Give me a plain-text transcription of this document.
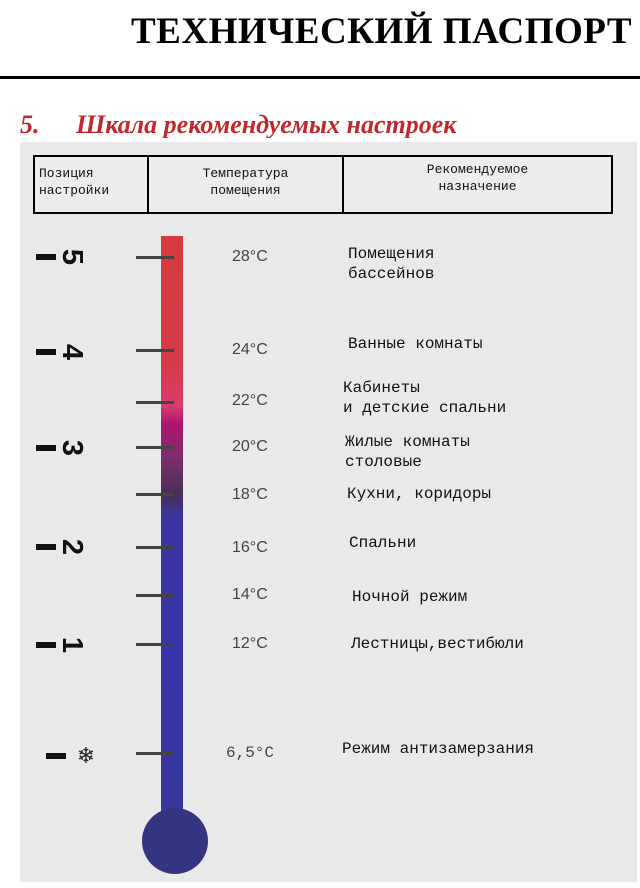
ТЕХНИЧЕСКИЙ ПАСПОРТ
5. Шкала рекомендуемых настроек
Позиция
настройки
Температура
помещения
Рекомендуемое
назначение
5
4
3
2
1
❄
28°C
24°C
22°C
20°C
18°C
16°C
14°C
12°C
6,5°C
Помещения
бассейнов
Ванные комнаты
Кабинеты
и детские спальни
Жилые комнаты
столовые
Кухни, коридоры
Спальни
Ночной режим
Лестницы,вестибюли
Режим антизамерзания
